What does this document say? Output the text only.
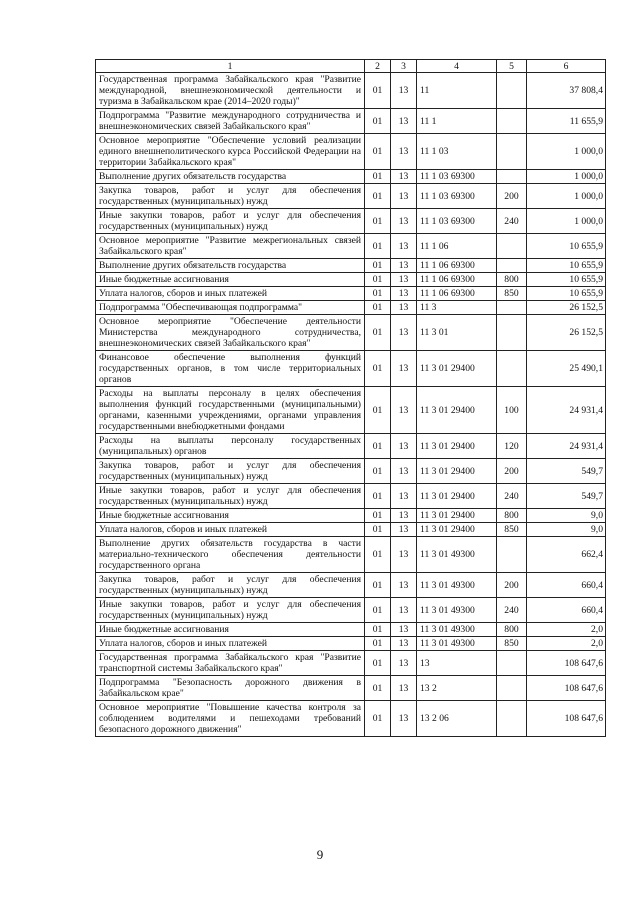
1	2	3	4	5	6
Государственная программа Забайкальского края "Развитие международной, внешнеэкономической деятельности и туризма в Забайкальском крае (2014–2020 годы)"	01	13	11		37 808,4
Подпрограмма "Развитие международного сотрудничества и внешнеэкономических связей Забайкальского края"	01	13	11 1		11 655,9
Основное мероприятие "Обеспечение условий реализации единого внешнеполитического курса Российской Федерации на территории Забайкальского края"	01	13	11 1 03		1 000,0
Выполнение других обязательств государства	01	13	11 1 03 69300		1 000,0
Закупка товаров, работ и услуг для обеспечения государственных (муниципальных) нужд	01	13	11 1 03 69300	200	1 000,0
Иные закупки товаров, работ и услуг для обеспечения государственных (муниципальных) нужд	01	13	11 1 03 69300	240	1 000,0
Основное мероприятие "Развитие межрегиональных связей Забайкальского края"	01	13	11 1 06		10 655,9
Выполнение других обязательств государства	01	13	11 1 06 69300		10 655,9
Иные бюджетные ассигнования	01	13	11 1 06 69300	800	10 655,9
Уплата налогов, сборов и иных платежей	01	13	11 1 06 69300	850	10 655,9
Подпрограмма "Обеспечивающая подпрограмма"	01	13	11 3		26 152,5
Основное мероприятие "Обеспечение деятельности Министерства международного сотрудничества, внешнеэкономических связей Забайкальского края"	01	13	11 3 01		26 152,5
Финансовое обеспечение выполнения функций государственных органов, в том числе территориальных органов	01	13	11 3 01 29400		25 490,1
Расходы на выплаты персоналу в целях обеспечения выполнения функций государственными (муниципальными) органами, казенными учреждениями, органами управления государственными внебюджетными фондами	01	13	11 3 01 29400	100	24 931,4
Расходы на выплаты персоналу государственных (муниципальных) органов	01	13	11 3 01 29400	120	24 931,4
Закупка товаров, работ и услуг для обеспечения государственных (муниципальных) нужд	01	13	11 3 01 29400	200	549,7
Иные закупки товаров, работ и услуг для обеспечения государственных (муниципальных) нужд	01	13	11 3 01 29400	240	549,7
Иные бюджетные ассигнования	01	13	11 3 01 29400	800	9,0
Уплата налогов, сборов и иных платежей	01	13	11 3 01 29400	850	9,0
Выполнение других обязательств государства в части материально-технического обеспечения деятельности государственного органа	01	13	11 3 01 49300		662,4
Закупка товаров, работ и услуг для обеспечения государственных (муниципальных) нужд	01	13	11 3 01 49300	200	660,4
Иные закупки товаров, работ и услуг для обеспечения государственных (муниципальных) нужд	01	13	11 3 01 49300	240	660,4
Иные бюджетные ассигнования	01	13	11 3 01 49300	800	2,0
Уплата налогов, сборов и иных платежей	01	13	11 3 01 49300	850	2,0
Государственная программа Забайкальского края "Развитие транспортной системы Забайкальского края"	01	13	13		108 647,6
Подпрограмма "Безопасность дорожного движения в Забайкальском крае"	01	13	13 2		108 647,6
Основное мероприятие "Повышение качества контроля за соблюдением водителями и пешеходами требований безопасного дорожного движения"	01	13	13 2 06		108 647,6
9
